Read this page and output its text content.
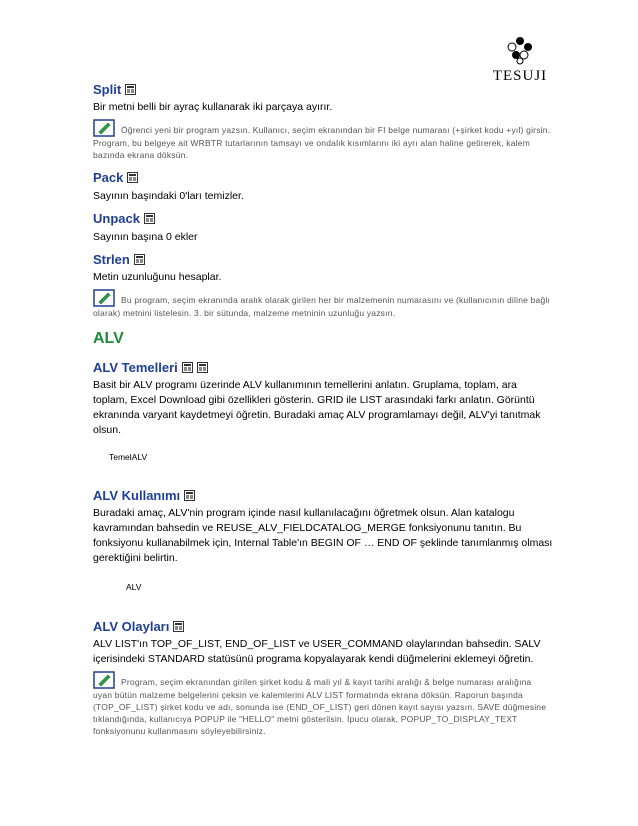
TESUJI
Split
Bir metni belli bir ayraç kullanarak iki parçaya ayırır.
Öğrenci yeni bir program yazsın. Kullanıcı, seçim ekranından bir FI belge numarası (+şirket kodu +yıl) girsin. Program, bu belgeye ait WRBTR tutarlarının tamsayı ve ondalık kısımlarını iki ayrı alan haline getirerek, kalem bazında ekrana döksün.
Pack
Sayının başındaki 0'ları temizler.
Unpack
Sayının başına 0 ekler
Strlen
Metin uzunluğunu hesaplar.
Bu program, seçim ekranında aralık olarak girilen her bir malzemenin numarasını ve (kullanıcının diline bağlı olarak) metnini listelesin. 3. bir sütunda, malzeme metninin uzunluğu yazsın.
ALV
ALV Temelleri
Basit bir ALV programı üzerinde ALV kullanımının temellerini anlatın. Gruplama, toplam, ara toplam, Excel Download gibi özellikleri gösterin. GRID ile LIST arasındaki farkı anlatın. Görüntü ekranında varyant kaydetmeyi öğretin. Buradaki amaç ALV programlamayı değil, ALV'yi tanıtmak olsun.
TemelALV
ALV Kullanımı
Buradaki amaç, ALV'nin program içinde nasıl kullanılacağını öğretmek olsun. Alan katalogu kavramından bahsedin ve REUSE_ALV_FIELDCATALOG_MERGE fonksiyonunu tanıtın. Bu fonksiyonu kullanabilmek için, Internal Table'ın BEGIN OF … END OF şeklinde tanımlanmış olması gerektiğini belirtin.
ALV
ALV Olayları
ALV LIST'ın TOP_OF_LIST, END_OF_LIST ve USER_COMMAND olaylarından bahsedin. SALV içerisindeki STANDARD statüsünü programa kopyalayarak kendi düğmelerini eklemeyi öğretin.
Program, seçim ekranından girilen şirket kodu & mali yıl & kayıt tarihi aralığı & belge numarası aralığına uyan bütün malzeme belgelerini çeksin ve kalemlerini ALV LIST formatında ekrana döksün. Raporun başında (TOP_OF_LIST) şirket kodu ve adı, sonunda ise (END_OF_LIST) geri dönen kayıt sayısı yazsın. SAVE düğmesine tıklandığında, kullanıcıya POPUP ile "HELLO" metni gösterilsin. İpucu olarak, POPUP_TO_DISPLAY_TEXT fonksiyonunu kullanmasını söyleyebilirsiniz.
